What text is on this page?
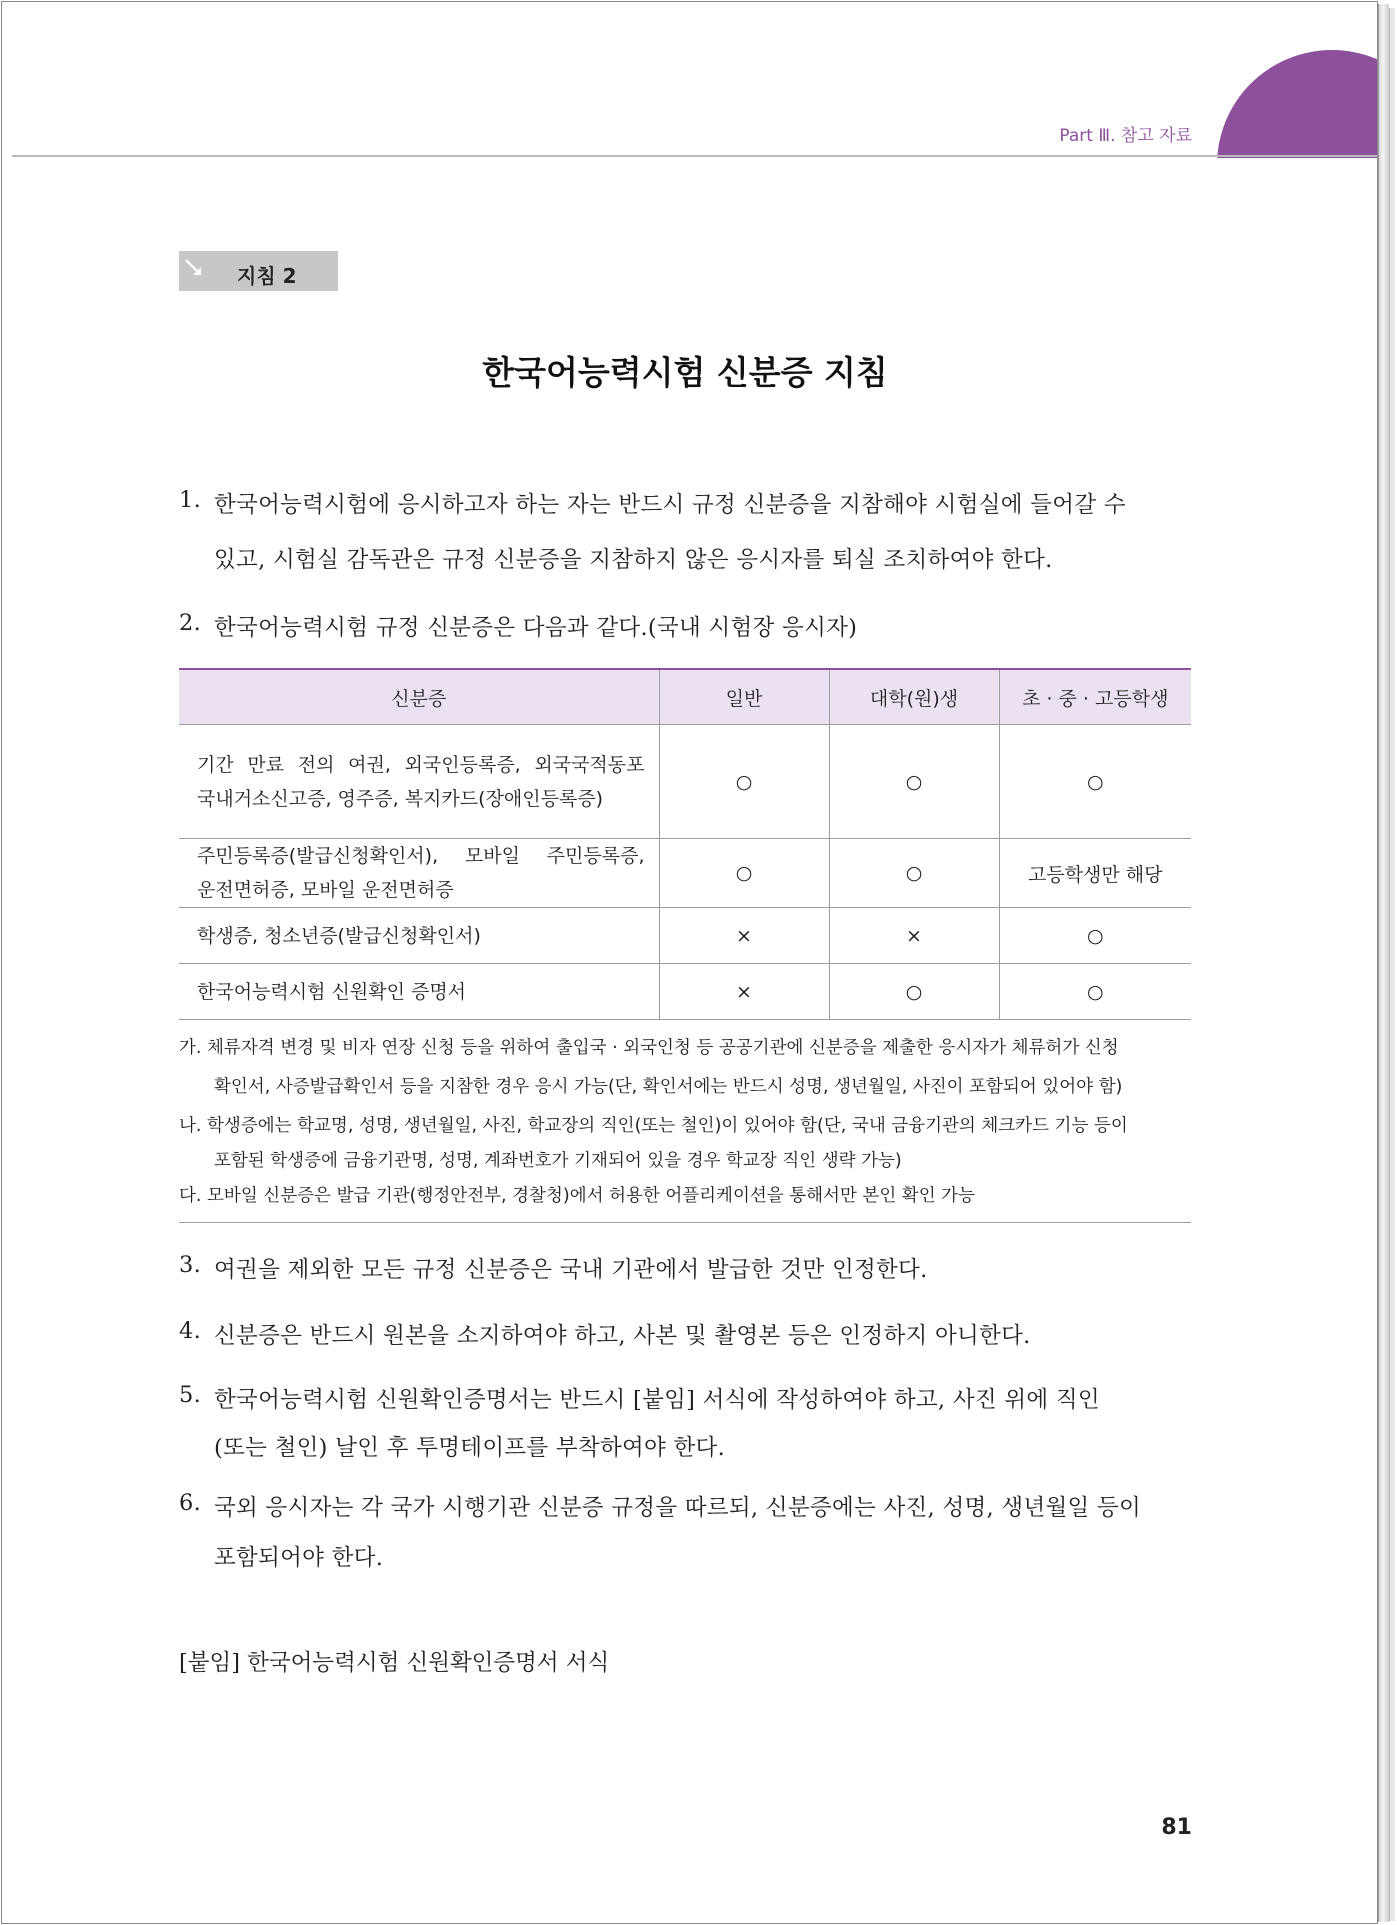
Part Ⅲ. 참고 자료
지침 2
한국어능력시험 신분증 지침
1. 한국어능력시험에 응시하고자 하는 자는 반드시 규정 신분증을 지참해야 시험실에 들어갈 수
있고, 시험실 감독관은 규정 신분증을 지참하지 않은 응시자를 퇴실 조치하여야 한다.
2. 한국어능력시험 규정 신분증은 다음과 같다.(국내 시험장 응시자)
신분증	일반	대학(원)생	초 · 중 · 고등학생

기간 만료 전의 여권, 외국인등록증, 외국국적동포
국내거소신고증, 영주증, 복지카드(장애인등록증)	○	○	○

주민등록증(발급신청확인서), 모바일 주민등록증,
운전면허증, 모바일 운전면허증	○	○	고등학생만 해당

학생증, 청소년증(발급신청확인서)	×	×	○

한국어능력시험 신원확인 증명서	×	○	○
가. 체류자격 변경 및 비자 연장 신청 등을 위하여 출입국 · 외국인청 등 공공기관에 신분증을 제출한 응시자가 체류허가 신청
확인서, 사증발급확인서 등을 지참한 경우 응시 가능(단, 확인서에는 반드시 성명, 생년월일, 사진이 포함되어 있어야 함)
나. 학생증에는 학교명, 성명, 생년월일, 사진, 학교장의 직인(또는 철인)이 있어야 함(단, 국내 금융기관의 체크카드 기능 등이
포함된 학생증에 금융기관명, 성명, 계좌번호가 기재되어 있을 경우 학교장 직인 생략 가능)
다. 모바일 신분증은 발급 기관(행정안전부, 경찰청)에서 허용한 어플리케이션을 통해서만 본인 확인 가능
3. 여권을 제외한 모든 규정 신분증은 국내 기관에서 발급한 것만 인정한다.
4. 신분증은 반드시 원본을 소지하여야 하고, 사본 및 촬영본 등은 인정하지 아니한다.
5. 한국어능력시험 신원확인증명서는 반드시 [붙임] 서식에 작성하여야 하고, 사진 위에 직인
(또는 철인) 날인 후 투명테이프를 부착하여야 한다.
6. 국외 응시자는 각 국가 시행기관 신분증 규정을 따르되, 신분증에는 사진, 성명, 생년월일 등이
포함되어야 한다.
[붙임] 한국어능력시험 신원확인증명서 서식
81
